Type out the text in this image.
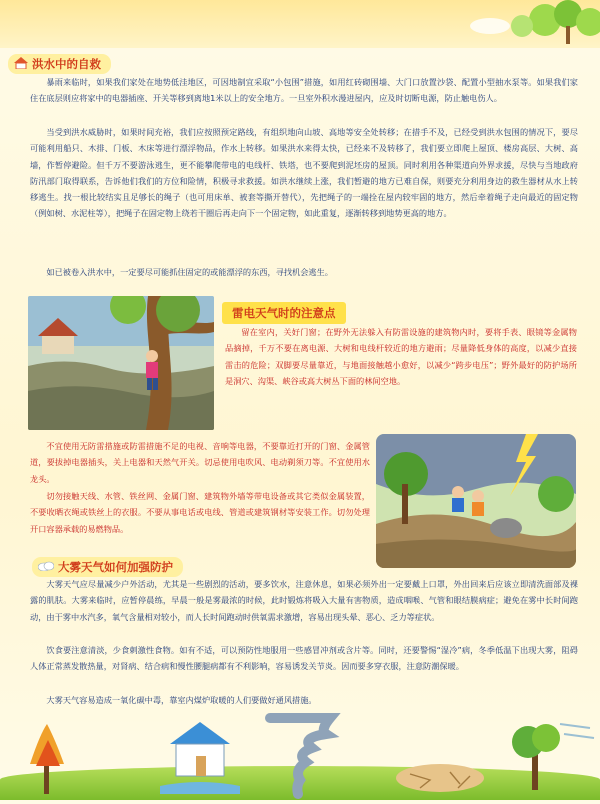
洪水中的自救

暴雨来临时，如果我们家处在地势低洼地区，可因地制宜采取“小包围”措施，如用红砖砌围墙、大门口放置沙袋、配置小型抽水泵等。如果我们家住在底层则应将家中的电器插座、开关等移到离地1米以上的安全地方。一旦室外积水漫进屋内，应及时切断电源，防止触电伤人。

当受到洪水威胁时，如果时间充裕，我们应按照预定路线，有组织地向山坡、高地等安全处转移；在措手不及，已经受到洪水包围的情况下，要尽可能利用船只、木排、门板、木床等进行漂浮物品，作水上转移。如果洪水来得太快，已经来不及转移了，我们要立即爬上屋顶、楼房高层、大树、高墙，作暂停避险。但千万不要游泳逃生，更不能攀爬带电的电线杆、铁塔，也不要爬到泥坯房的屋顶。同时利用各种渠道向外界求援，尽快与当地政府防汛部门取得联系，告诉他们我们的方位和险情，积极寻求救援。如洪水继续上涨，我们暂避的地方已难自保，则要充分利用身边的救生器材从水上转移逃生。找一根比较结实且足够长的绳子（也可用床单、被套等撕开替代），先把绳子的一端拴在屋内较牢固的地方，然后牵着绳子走向最近的固定物（例如树、水泥柱等），把绳子在固定物上绕若干圈后再走向下一个固定物，如此重复，逐渐转移到地势更高的地方。

如已被卷入洪水中，一定要尽可能抓住固定的或能漂浮的东西，寻找机会逃生。

雷电天气时的注意点

留在室内，关好门窗；在野外无法躲入有防雷设施的建筑物内时，要将手表、眼镜等金属物品摘掉，千万不要在离电源、大树和电线杆较近的地方避雨；尽量降低身体的高度，以减少直接雷击的危险；双脚要尽量靠近，与地面接触越小愈好，以减少“跨步电压”；野外最好的防护场所是洞穴、沟渠、峡谷或高大树丛下面的林间空地。

不宜使用无防雷措施或防雷措施不足的电视、音响等电器，不要靠近打开的门窗、金属管道，要拔掉电器插头，关上电器和天然气开关。切忌使用电吹风、电动剃须刀等。不宜使用水龙头。

切勿接触天线、水管、铁丝网、金属门窗、建筑物外墙等带电设备或其它类似金属装置，不要收晒衣绳或铁丝上的衣服。不要从事电话或电线、管道或建筑钢材等安装工作。切勿处理开口容器承载的易燃物品。

大雾天气如何加强防护

大雾天气应尽量减少户外活动，尤其是一些剧烈的活动，要多饮水，注意休息，如果必须外出一定要戴上口罩，外出回来后应该立即清洗面部及裸露的肌肤。大雾来临时，应暂停晨练，早晨一般是雾最浓的时候，此时锻炼将吸入大量有害物质，造成咽喉、气管和眼结膜病症；避免在雾中长时间跑动，由于雾中水汽多，氧气含量相对较小，而人长时间跑动时供氧需求激增，容易出现头晕、恶心、乏力等症状。

饮食要注意清淡，少食刺激性食物。如有不适，可以预防性地服用一些感冒冲剂或含片等。同时，还要警惕“湿冷”病，冬季低温下出现大雾，阻碍人体正常蒸发散热量，对肾病、结合病和慢性腰腿病都有不利影响，容易诱发关节炎。因而要多穿衣服，注意防潮保暖。

大雾天气容易造成一氧化碳中毒，靠室内煤炉取暖的人们要做好通风措施。
